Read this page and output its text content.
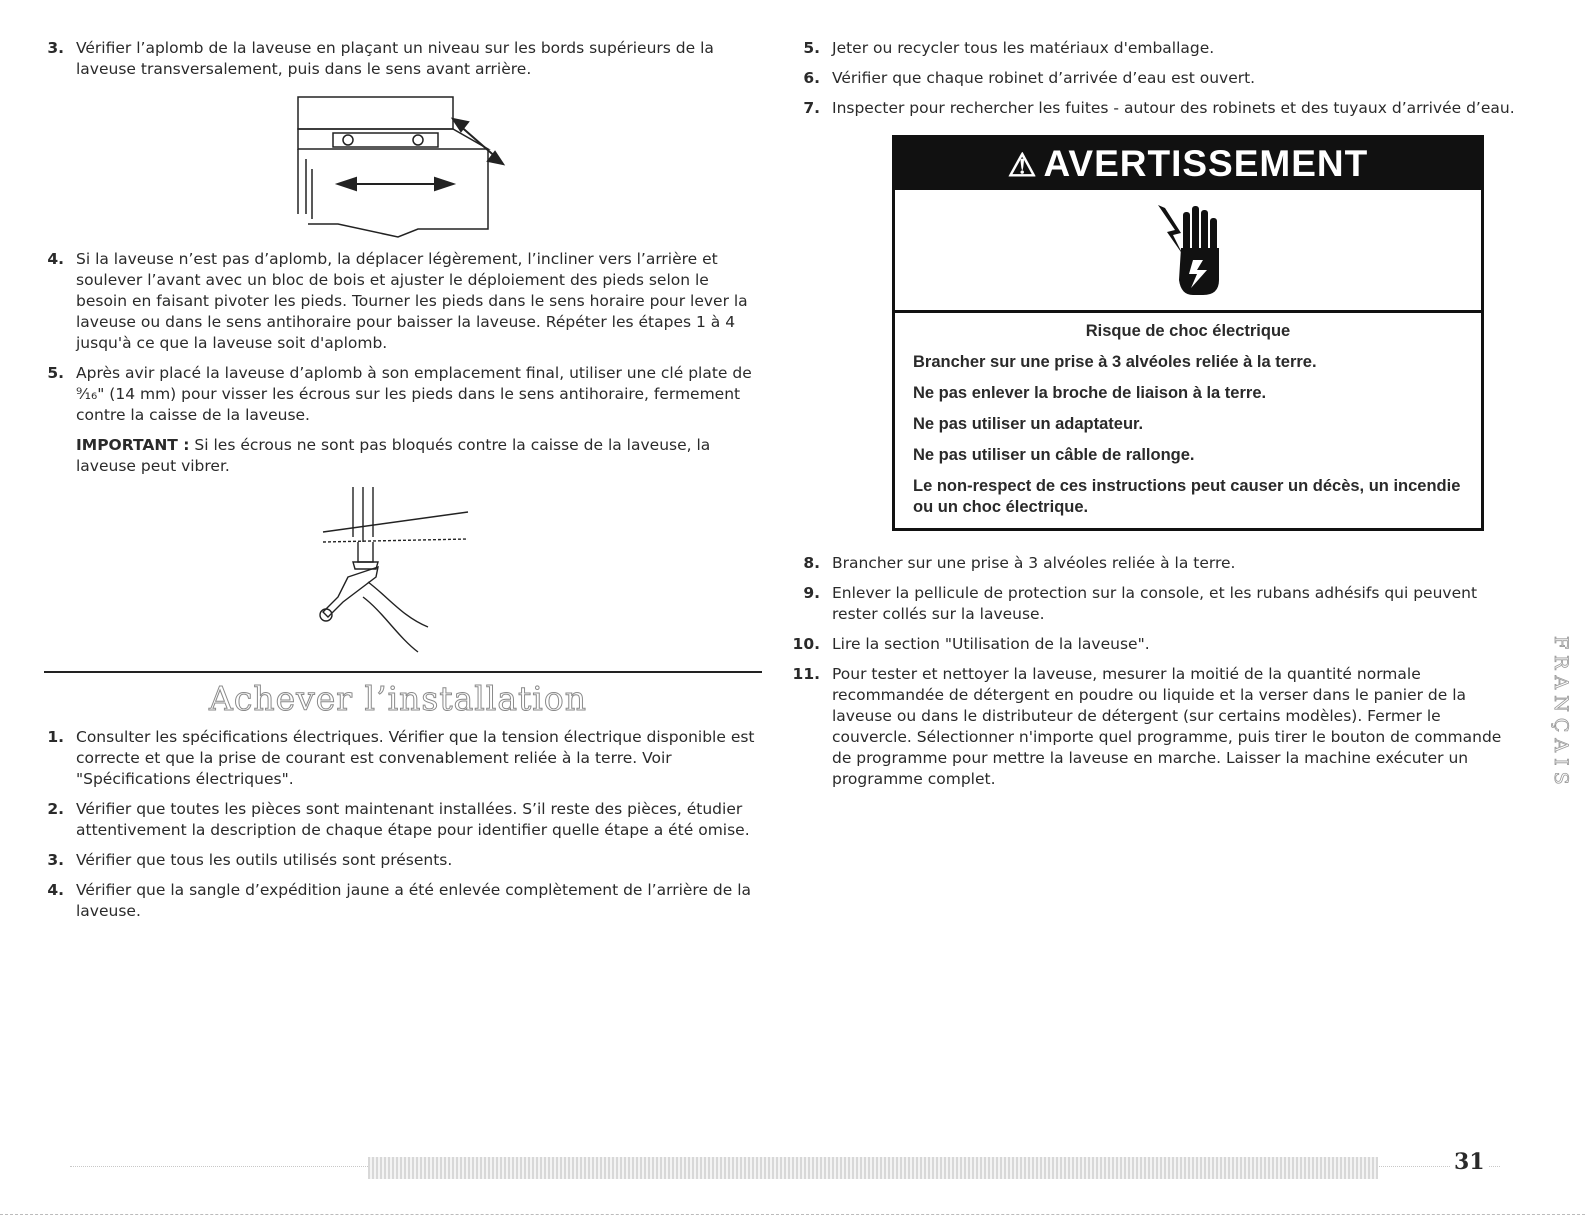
3. Vérifier l’aplomb de la laveuse en plaçant un niveau sur les bords supérieurs de la laveuse transversalement, puis dans le sens avant arrière.
4. Si la laveuse n’est pas d’aplomb, la déplacer légèrement, l’incliner vers l’arrière et soulever l’avant avec un bloc de bois et ajuster le déploiement des pieds selon le besoin en faisant pivoter les pieds. Tourner les pieds dans le sens horaire pour lever la laveuse ou dans le sens antihoraire pour baisser la laveuse. Répéter les étapes 1 à 4 jusqu'à ce que la laveuse soit d'aplomb.
5. Après avir placé la laveuse d’aplomb à son emplacement final, utiliser une clé plate de ⁹⁄₁₆" (14 mm) pour visser les écrous sur les pieds dans le sens antihoraire, fermement contre la caisse de la laveuse.

IMPORTANT : Si les écrous ne sont pas bloqués contre la caisse de la laveuse, la laveuse peut vibrer.

Achever l’installation
1. Consulter les spécifications électriques. Vérifier que la tension électrique disponible est correcte et que la prise de courant est convenablement reliée à la terre. Voir "Spécifications électriques".
2. Vérifier que toutes les pièces sont maintenant installées. S’il reste des pièces, étudier attentivement la description de chaque étape pour identifier quelle étape a été omise.
3. Vérifier que tous les outils utilisés sont présents.
4. Vérifier que la sangle d’expédition jaune a été enlevée complètement de l’arrière de la laveuse.
5. Jeter ou recycler tous les matériaux d'emballage.
6. Vérifier que chaque robinet d’arrivée d’eau est ouvert.
7. Inspecter pour rechercher les fuites - autour des robinets et des tuyaux d’arrivée d’eau.
⚠ AVERTISSEMENT
Risque de choc électrique

Brancher sur une prise à 3 alvéoles reliée à la terre.

Ne pas enlever la broche de liaison à la terre.

Ne pas utiliser un adaptateur.

Ne pas utiliser un câble de rallonge.

Le non-respect de ces instructions peut causer un décès, un incendie ou un choc électrique.

8. Brancher sur une prise à 3 alvéoles reliée à la terre.
9. Enlever la pellicule de protection sur la console, et les rubans adhésifs qui peuvent rester collés sur la laveuse.
10. Lire la section "Utilisation de la laveuse".
11. Pour tester et nettoyer la laveuse, mesurer la moitié de la quantité normale recommandée de détergent en poudre ou liquide et la verser dans le panier de la laveuse ou dans le distributeur de détergent (sur certains modèles). Fermer le couvercle. Sélectionner n'importe quel programme, puis tirer le bouton de commande de programme pour mettre la laveuse en marche. Laisser la machine exécuter un programme complet.	FRANÇAIS
31
